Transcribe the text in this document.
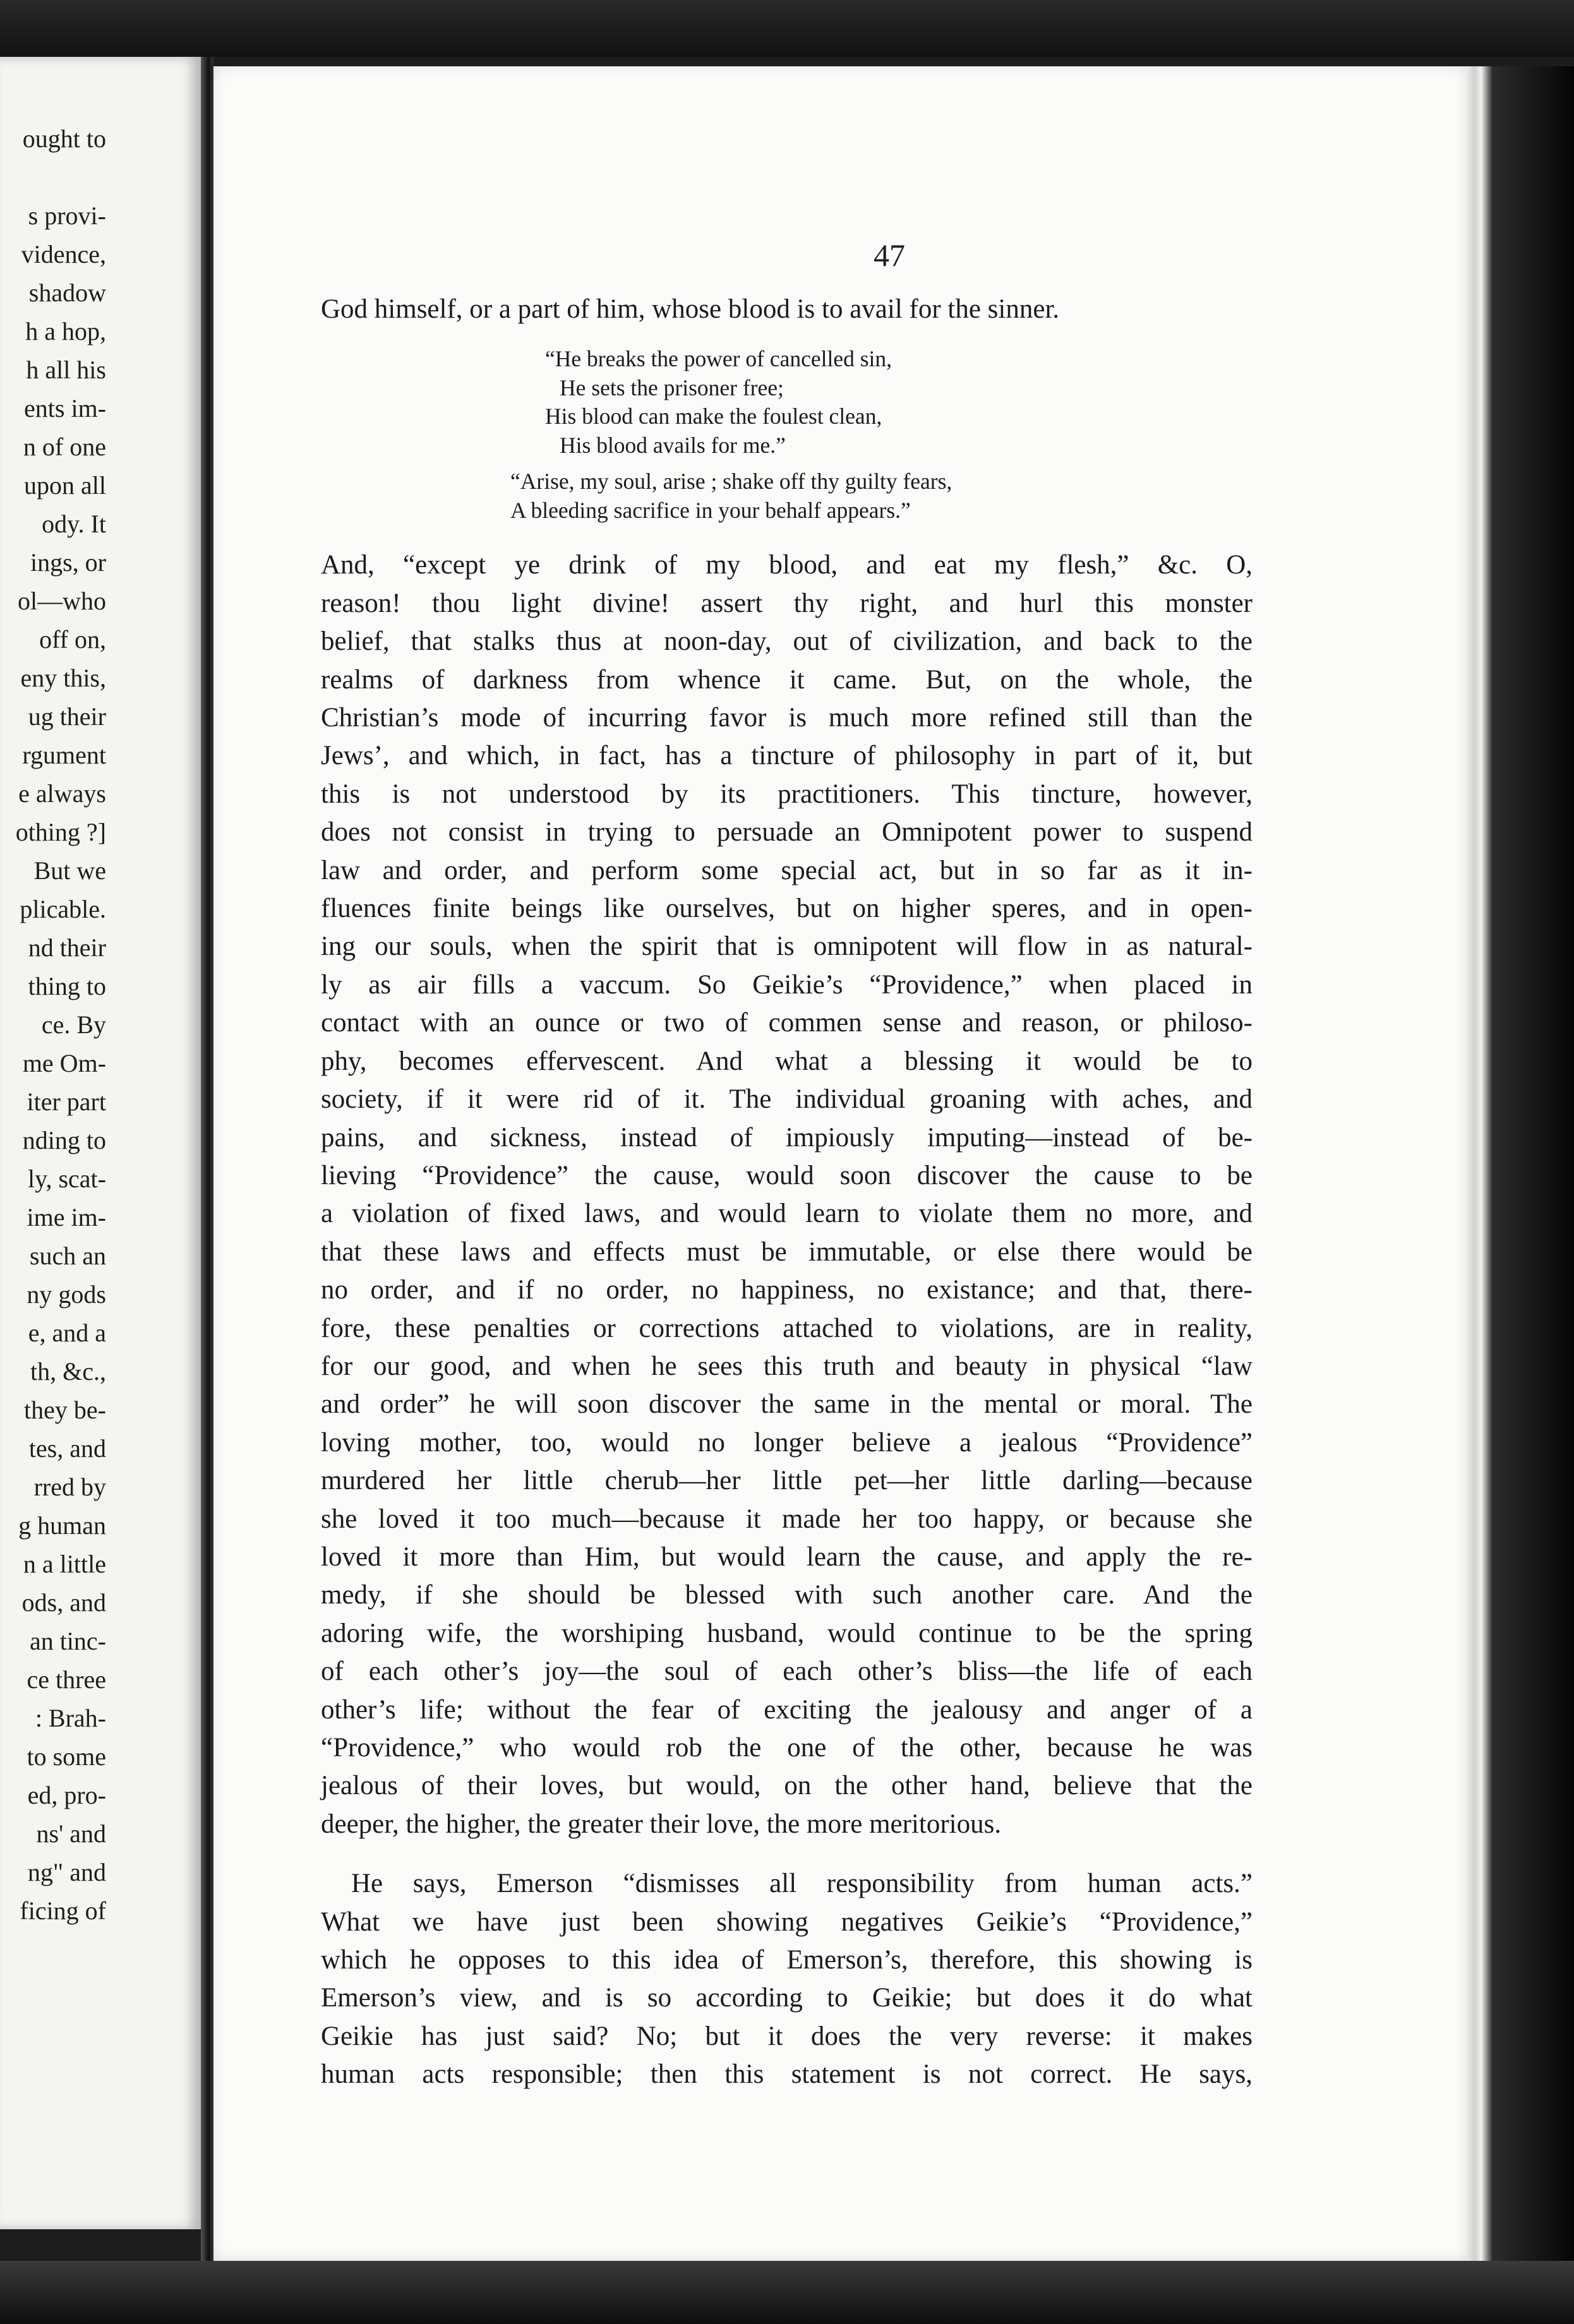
ought to
s provi-
vidence,
shadow
h a hop,
h all his
ents im-
n of one
upon all
ody. It
ings, or
ol—who
off on,
eny this,
ug their
rgument
e always
othing ?]
But we
plicable.
nd their
thing to
ce. By
me Om-
iter part
nding to
ly, scat-
ime im-
such an
ny gods
e, and a
th, &c.,
they be-
tes, and
rred by
g human
n a little
ods, and
an tinc-
ce three
: Brah-
to some
ed, pro-
ns' and
ng" and
ficing of
47

God himself, or a part of him, whose blood is to avail for the sinner.

“He breaks the power of cancelled sin,
He sets the prisoner free;
His blood can make the foulest clean,
His blood avails for me.”
“Arise, my soul, arise ; shake off thy guilty fears,
A bleeding sacrifice in your behalf appears.”
And, “except ye drink of my blood, and eat my flesh,” &c. O,
reason! thou light divine! assert thy right, and hurl this monster
belief, that stalks thus at noon-day, out of civilization, and back to the
realms of darkness from whence it came. But, on the whole, the
Christian’s mode of incurring favor is much more refined still than the
Jews’, and which, in fact, has a tincture of philosophy in part of it, but
this is not understood by its practitioners. This tincture, however,
does not consist in trying to persuade an Omnipotent power to suspend
law and order, and perform some special act, but in so far as it in-
fluences finite beings like ourselves, but on higher speres, and in open-
ing our souls, when the spirit that is omnipotent will flow in as natural-
ly as air fills a vaccum. So Geikie’s “Providence,” when placed in
contact with an ounce or two of commen sense and reason, or philoso-
phy, becomes effervescent. And what a blessing it would be to
society, if it were rid of it. The individual groaning with aches, and
pains, and sickness, instead of impiously imputing—instead of be-
lieving “Providence” the cause, would soon discover the cause to be
a violation of fixed laws, and would learn to violate them no more, and
that these laws and effects must be immutable, or else there would be
no order, and if no order, no happiness, no existance; and that, there-
fore, these penalties or corrections attached to violations, are in reality,
for our good, and when he sees this truth and beauty in physical “law
and order” he will soon discover the same in the mental or moral. The
loving mother, too, would no longer believe a jealous “Providence”
murdered her little cherub—her little pet—her little darling—because
she loved it too much—because it made her too happy, or because she
loved it more than Him, but would learn the cause, and apply the re-
medy, if she should be blessed with such another care. And the
adoring wife, the worshiping husband, would continue to be the spring
of each other’s joy—the soul of each other’s bliss—the life of each
other’s life; without the fear of exciting the jealousy and anger of a
“Providence,” who would rob the one of the other, because he was
jealous of their loves, but would, on the other hand, believe that the
deeper, the higher, the greater their love, the more meritorious.
He says, Emerson “dismisses all responsibility from human acts.”
What we have just been showing negatives Geikie’s “Providence,”
which he opposes to this idea of Emerson’s, therefore, this showing is
Emerson’s view, and is so according to Geikie; but does it do what
Geikie has just said? No; but it does the very reverse: it makes
human acts responsible; then this statement is not correct. He says,
